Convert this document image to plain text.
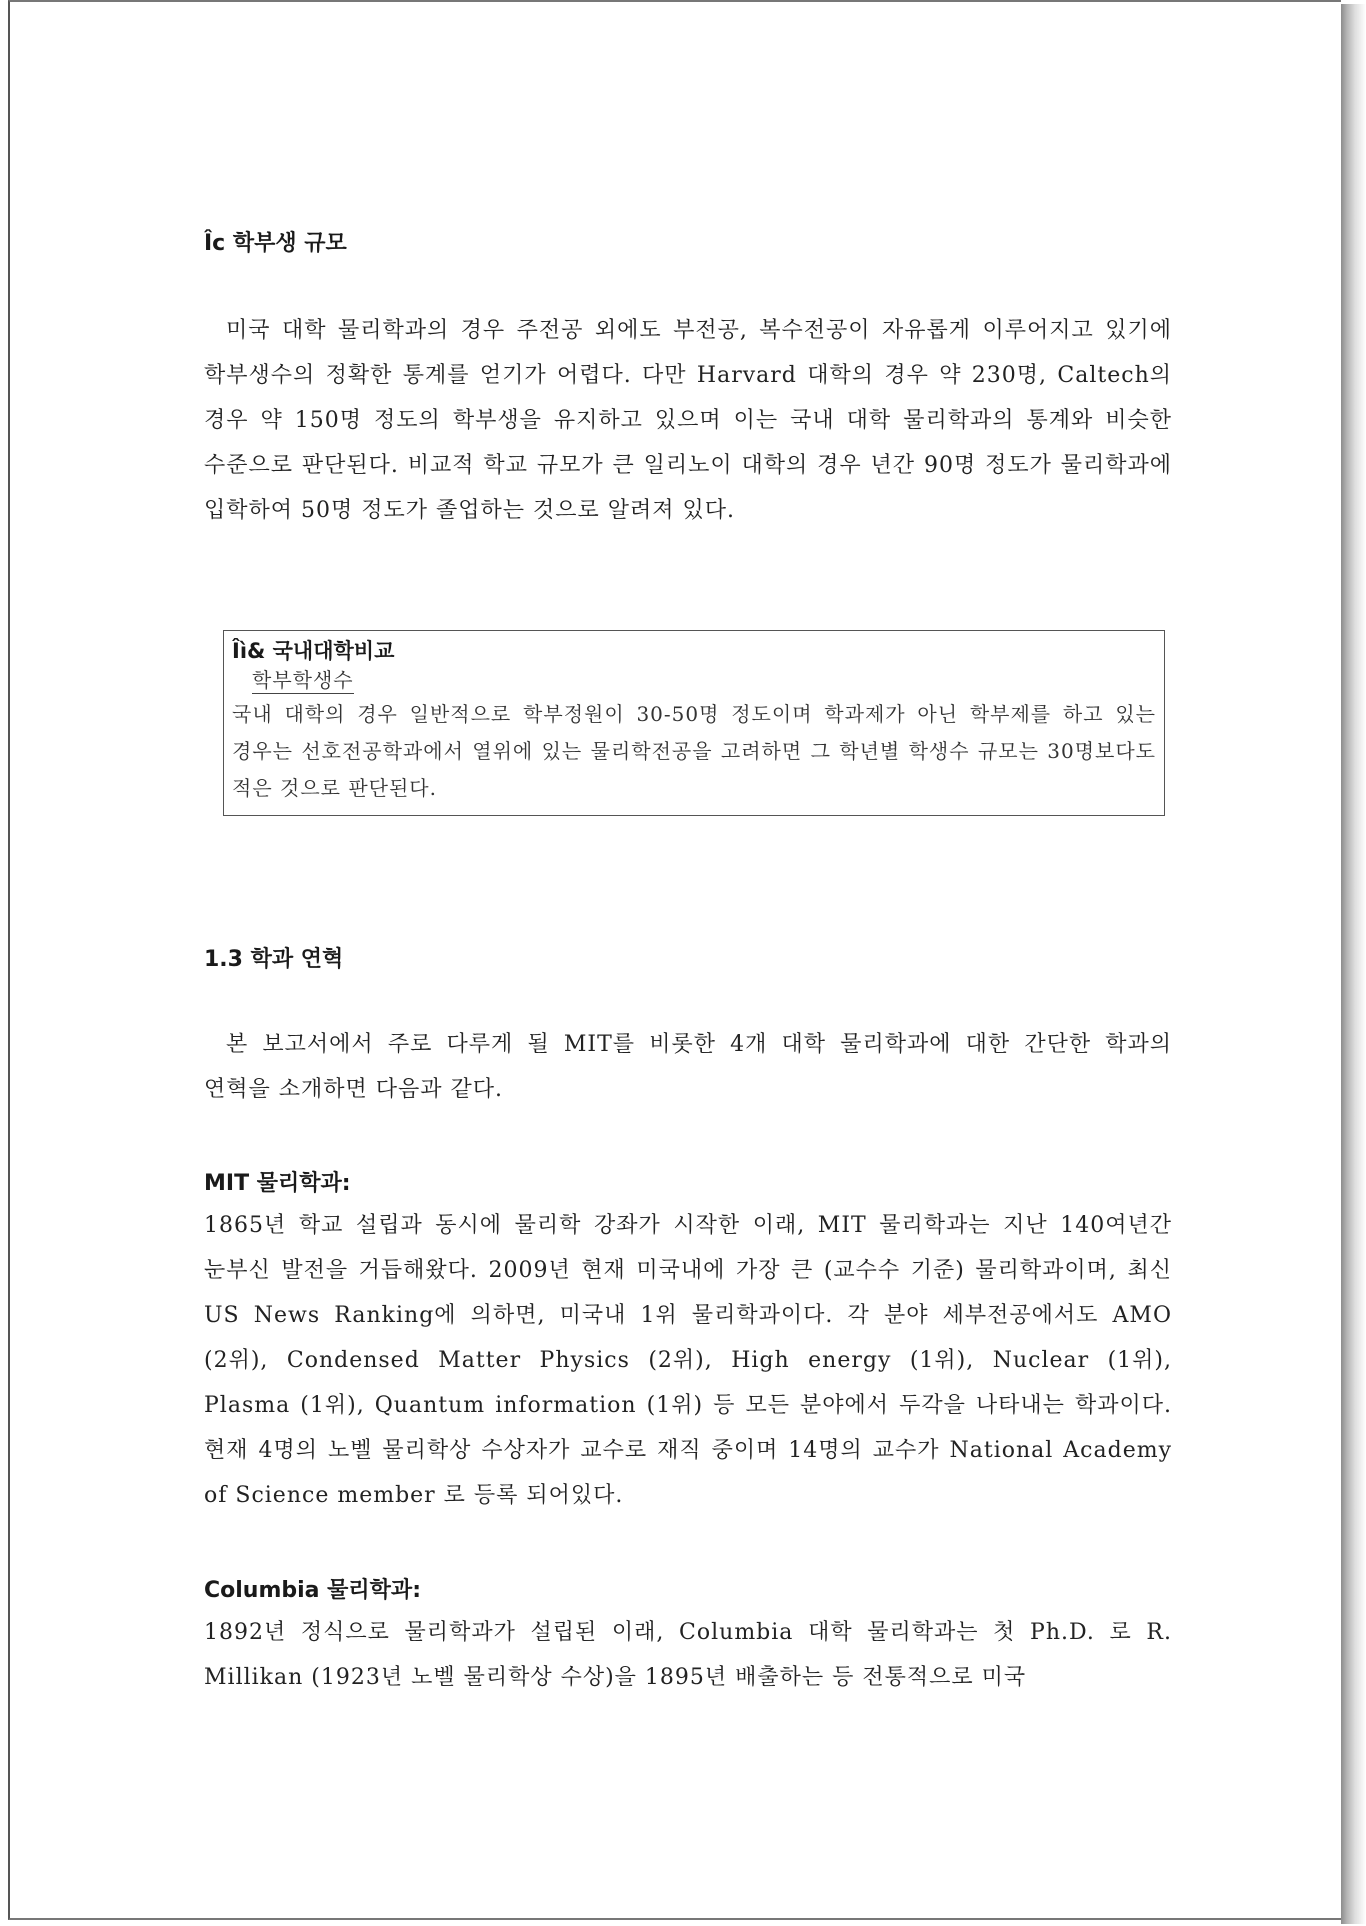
Îc 학부생 규모
미국 대학 물리학과의 경우 주전공 외에도 부전공, 복수전공이 자유롭게 이루어지고 있기에 학부생수의 정확한 통계를 얻기가 어렵다. 다만 Harvard 대학의 경우 약 230명, Caltech의 경우 약 150명 정도의 학부생을 유지하고 있으며 이는 국내 대학 물리학과의 통계와 비슷한 수준으로 판단된다. 비교적 학교 규모가 큰 일리노이 대학의 경우 년간 90명 정도가 물리학과에 입학하여 50명 정도가 졸업하는 것으로 알려져 있다.
Îì& 국내대학비교
학부학생수
국내 대학의 경우 일반적으로 학부정원이 30-50명 정도이며 학과제가 아닌 학부제를 하고 있는 경우는 선호전공학과에서 열위에 있는 물리학전공을 고려하면 그 학년별 학생수 규모는 30명보다도 적은 것으로 판단된다.
1.3 학과 연혁
본 보고서에서 주로 다루게 될 MIT를 비롯한 4개 대학 물리학과에 대한 간단한 학과의 연혁을 소개하면 다음과 같다.
MIT 물리학과:
1865년 학교 설립과 동시에 물리학 강좌가 시작한 이래, MIT 물리학과는 지난 140여년간 눈부신 발전을 거듭해왔다. 2009년 현재 미국내에 가장 큰 (교수수 기준) 물리학과이며, 최신 US News Ranking에 의하면, 미국내 1위 물리학과이다. 각 분야 세부전공에서도 AMO (2위), Condensed Matter Physics (2위), High energy (1위), Nuclear (1위), Plasma (1위), Quantum information (1위) 등 모든 분야에서 두각을 나타내는 학과이다. 현재 4명의 노벨 물리학상 수상자가 교수로 재직 중이며 14명의 교수가 National Academy of Science member 로 등록 되어있다.
Columbia 물리학과:
1892년 정식으로 물리학과가 설립된 이래, Columbia 대학 물리학과는 첫 Ph.D. 로 R. Millikan (1923년 노벨 물리학상 수상)을 1895년 배출하는 등 전통적으로 미국
